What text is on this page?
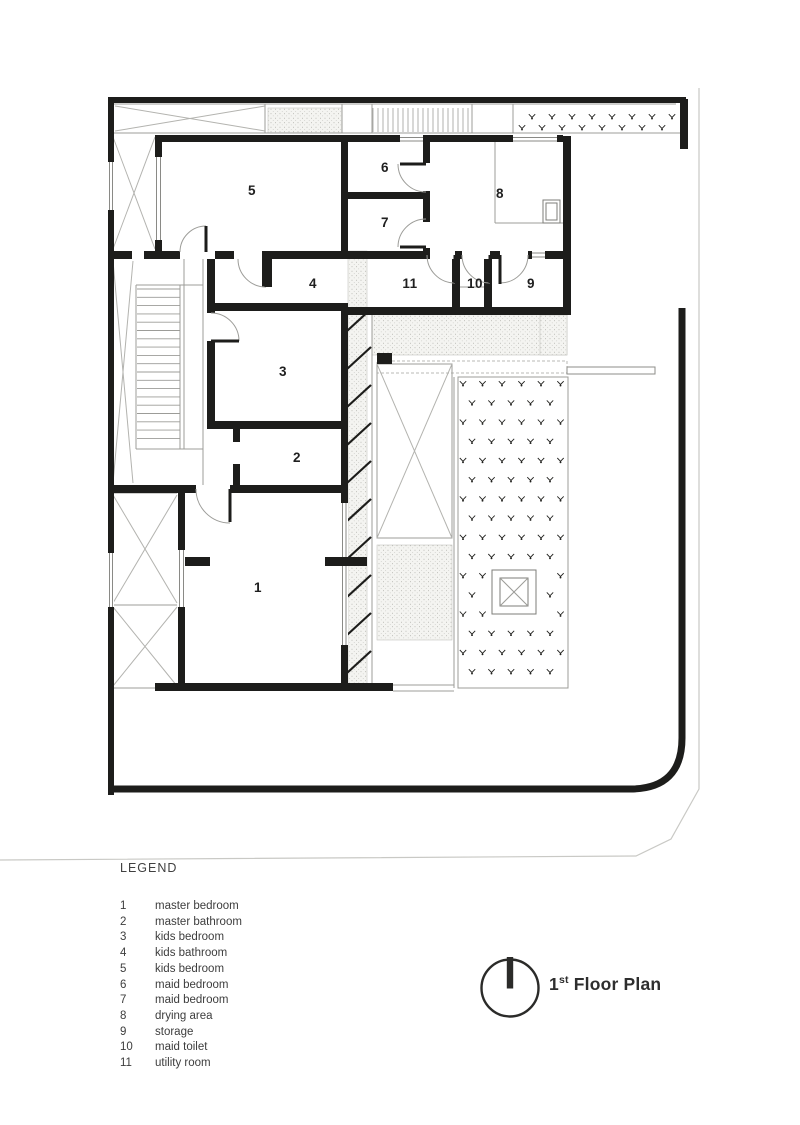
5
6
7
8
4	11	10	9
3
2
1
LEGEND
1	master bedroom
2	master bathroom
3	kids bedroom
4	kids bathroom
5	kids bedroom
6	maid bedroom
7	maid bedroom
8	drying area
9	storage
10	maid toilet
11	utility room
1st Floor Plan
